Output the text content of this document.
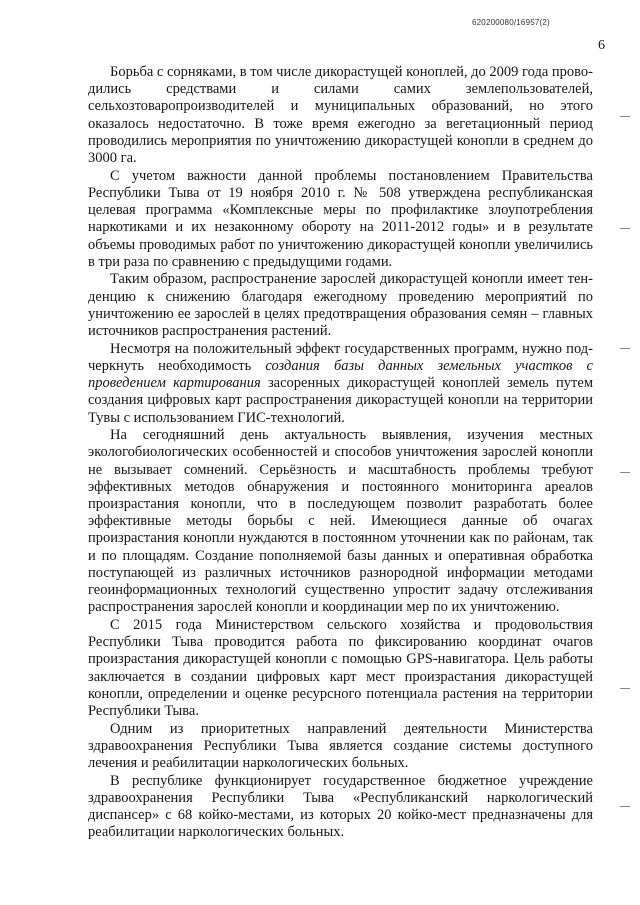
620200080/16957(2)
6

Борьба с сорняками, в том числе дикорастущей коноплей, до 2009 года проводились средствами и силами самих землепользователей, сельхозтоваропроизводителей и муниципальных образований, но этого оказалось недостаточно. В тоже время ежегодно за вегетационный период проводились мероприятия по уничтожению дикорастущей конопли в среднем до 3000 га.

С учетом важности данной проблемы постановлением Правительства Республики Тыва от 19 ноября 2010 г. № 508 утверждена республиканская целевая программа «Комплексные меры по профилактике злоупотребления наркотиками и их незаконному обороту на 2011-2012 годы» и в результате объемы проводимых работ по уничтожению дикорастущей конопли увеличились в три раза по сравнению с предыдущими годами.

Таким образом, распространение зарослей дикорастущей конопли имеет тенденцию к снижению благодаря ежегодному проведению мероприятий по уничтожению ее зарослей в целях предотвращения образования семян – главных источников распространения растений.

Несмотря на положительный эффект государственных программ, нужно подчеркнуть необходимость создания базы данных земельных участков с проведением картирования засоренных дикорастущей коноплей земель путем создания цифровых карт распространения дикорастущей конопли на территории Тувы с использованием ГИС-технологий.

На сегодняшний день актуальность выявления, изучения местных экологобиологических особенностей и способов уничтожения зарослей конопли не вызывает сомнений. Серьёзность и масштабность проблемы требуют эффективных методов обнаружения и постоянного мониторинга ареалов произрастания конопли, что в последующем позволит разработать более эффективные методы борьбы с ней. Имеющиеся данные об очагах произрастания конопли нуждаются в постоянном уточнении как по районам, так и по площадям. Создание пополняемой базы данных и оперативная обработка поступающей из различных источников разнородной информации методами геоинформационных технологий существенно упростит задачу отслеживания распространения зарослей конопли и координации мер по их уничтожению.

С 2015 года Министерством сельского хозяйства и продовольствия Республики Тыва проводится работа по фиксированию координат очагов произрастания дикорастущей конопли с помощью GPS-навигатора. Цель работы заключается в создании цифровых карт мест произрастания дикорастущей конопли, определении и оценке ресурсного потенциала растения на территории Республики Тыва.

Одним из приоритетных направлений деятельности Министерства здравоохранения Республики Тыва является создание системы доступного лечения и реабилитации наркологических больных.

В республике функционирует государственное бюджетное учреждение здравоохранения Республики Тыва «Республиканский наркологический диспансер» с 68 койко-местами, из которых 20 койко-мест предназначены для реабилитации наркологических больных.
